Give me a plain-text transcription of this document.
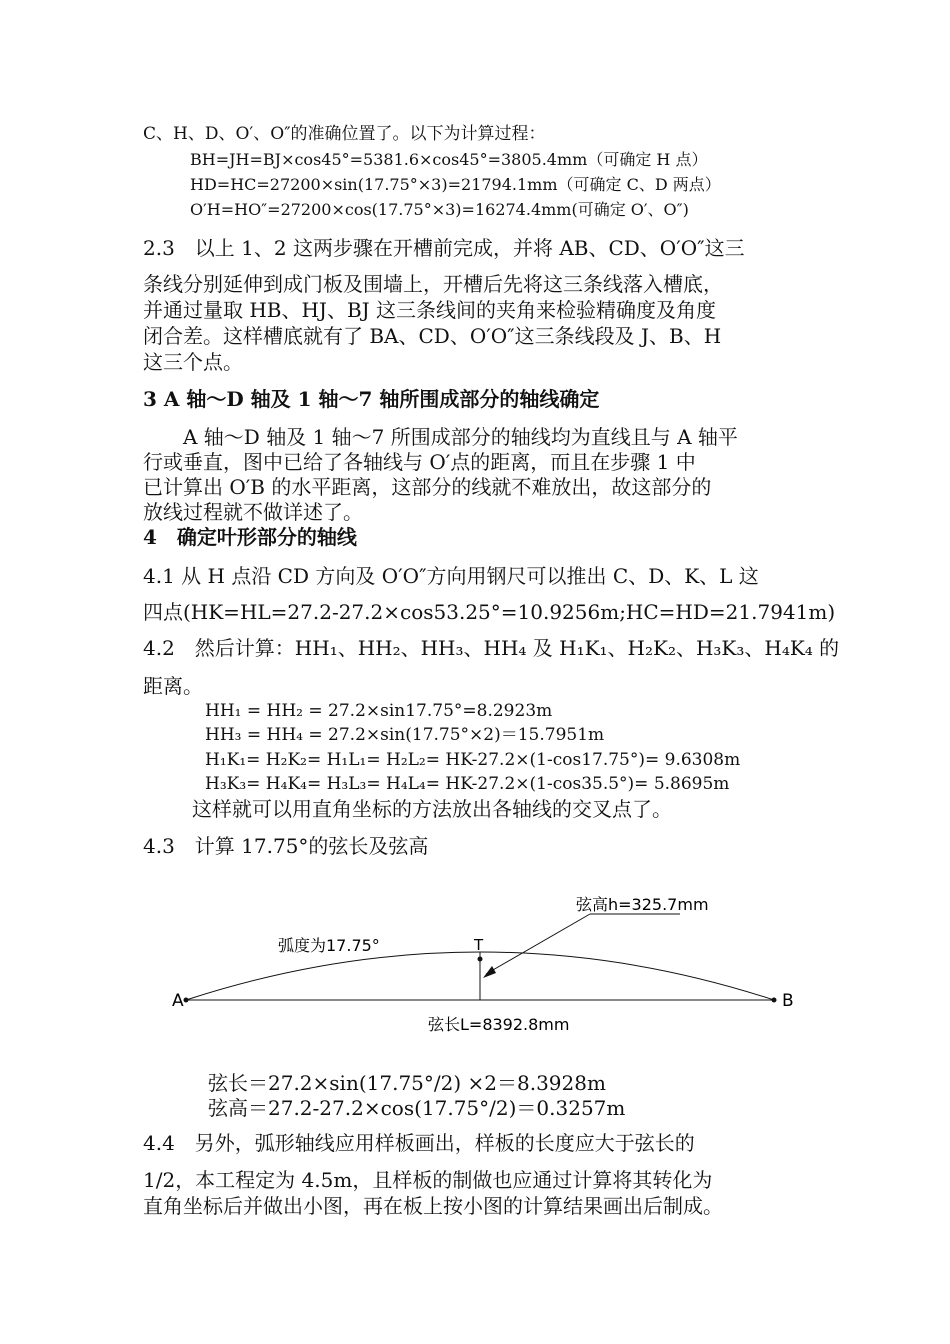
C、H、D、O′、O″的准确位置了。以下为计算过程：
BH=JH=BJ×cos45°=5381.6×cos45°=3805.4mm（可确定 H 点）
HD=HC=27200×sin(17.75°×3)=21794.1mm（可确定 C、D 两点）
O′H=HO″=27200×cos(17.75°×3)=16274.4mm(可确定 O′、O″)
2.3　以上 1、2 这两步骤在开槽前完成，并将 AB、CD、O′O″这三
条线分别延伸到成门板及围墙上，开槽后先将这三条线落入槽底，
并通过量取 HB、HJ、BJ 这三条线间的夹角来检验精确度及角度
闭合差。这样槽底就有了 BA、CD、O′O″这三条线段及 J、B、H
这三个点。
3 A 轴～D 轴及 1 轴～7 轴所围成部分的轴线确定
　　A 轴～D 轴及 1 轴～7 所围成部分的轴线均为直线且与 A 轴平
行或垂直，图中已给了各轴线与 O′点的距离，而且在步骤 1 中
已计算出 O′B 的水平距离，这部分的线就不难放出，故这部分的
放线过程就不做详述了。
4　确定叶形部分的轴线
4.1 从 H 点沿 CD 方向及 O′O″方向用钢尺可以推出 C、D、K、L 这
四点(HK=HL=27.2-27.2×cos53.25°=10.9256m;HC=HD=21.7941m)
4.2　然后计算：HH₁、HH₂、HH₃、HH₄ 及 H₁K₁、H₂K₂、H₃K₃、H₄K₄ 的
距离。
HH₁ = HH₂ = 27.2×sin17.75°=8.2923m
HH₃ = HH₄ = 27.2×sin(17.75°×2)＝15.7951m
H₁K₁= H₂K₂= H₁L₁= H₂L₂= HK-27.2×(1-cos17.75°)= 9.6308m
H₃K₃= H₄K₄= H₃L₃= H₄L₄= HK-27.2×(1-cos35.5°)= 5.8695m
　这样就可以用直角坐标的方法放出各轴线的交叉点了。
4.3　计算 17.75°的弦长及弦高
A	B
T
弧度为17.75°
弦高h=325.7mm
弦长L=8392.8mm
弦长＝27.2×sin(17.75°/2) ×2＝8.3928m
弦高＝27.2-27.2×cos(17.75°/2)＝0.3257m
4.4　另外，弧形轴线应用样板画出，样板的长度应大于弦长的
1/2，本工程定为 4.5m，且样板的制做也应通过计算将其转化为
直角坐标后并做出小图，再在板上按小图的计算结果画出后制成。
